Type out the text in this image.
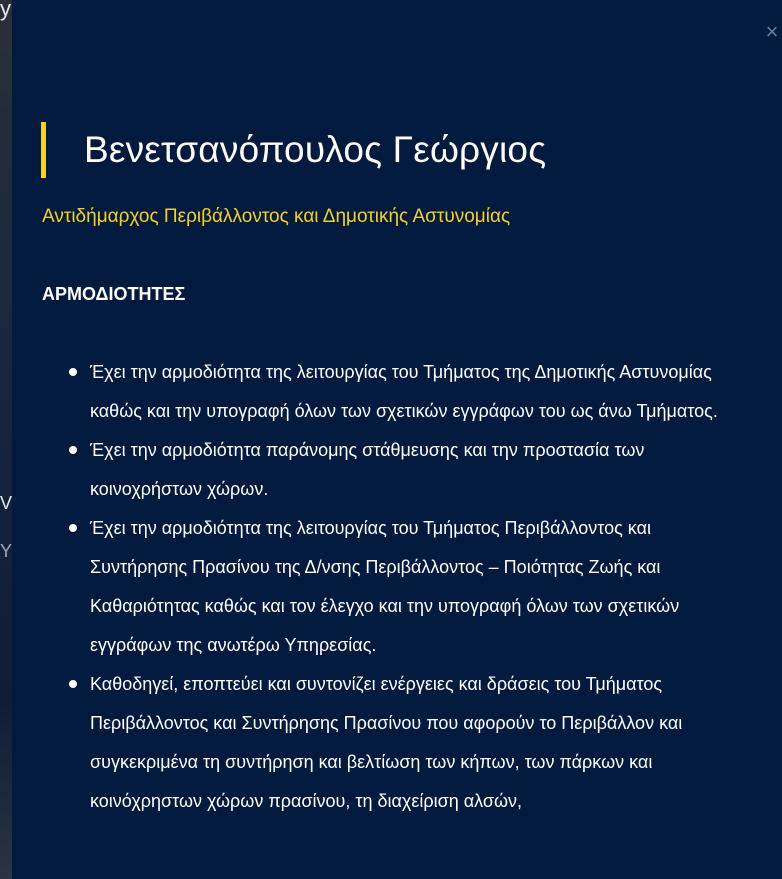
y
V
Y
×
Βενετσανόπουλος Γεώργιος
Αντιδήμαρχος Περιβάλλοντος και Δημοτικής Αστυνομίας
ΑΡΜΟΔΙΟΤΗΤΕΣ
Έχει την αρμοδιότητα της λειτουργίας του Τμήματος της Δημοτικής Αστυνομίας καθώς και την υπογραφή όλων των σχετικών εγγράφων του ως άνω Τμήματος.
Έχει την αρμοδιότητα παράνομης στάθμευσης και την προστασία των κοινοχρήστων χώρων.
Έχει την αρμοδιότητα της λειτουργίας του Τμήματος Περιβάλλοντος και Συντήρησης Πρασίνου της Δ/νσης Περιβάλλοντος – Ποιότητας Ζωής και Καθαριότητας καθώς και τον έλεγχο και την υπογραφή όλων των σχετικών εγγράφων της ανωτέρω Υπηρεσίας.
Καθοδηγεί, εποπτεύει και συντονίζει ενέργειες και δράσεις του Τμήματος Περιβάλλοντος και Συντήρησης Πρασίνου που αφορούν το Περιβάλλον και συγκεκριμένα τη συντήρηση και βελτίωση των κήπων, των πάρκων και κοινόχρηστων χώρων πρασίνου, τη διαχείριση αλσών,
